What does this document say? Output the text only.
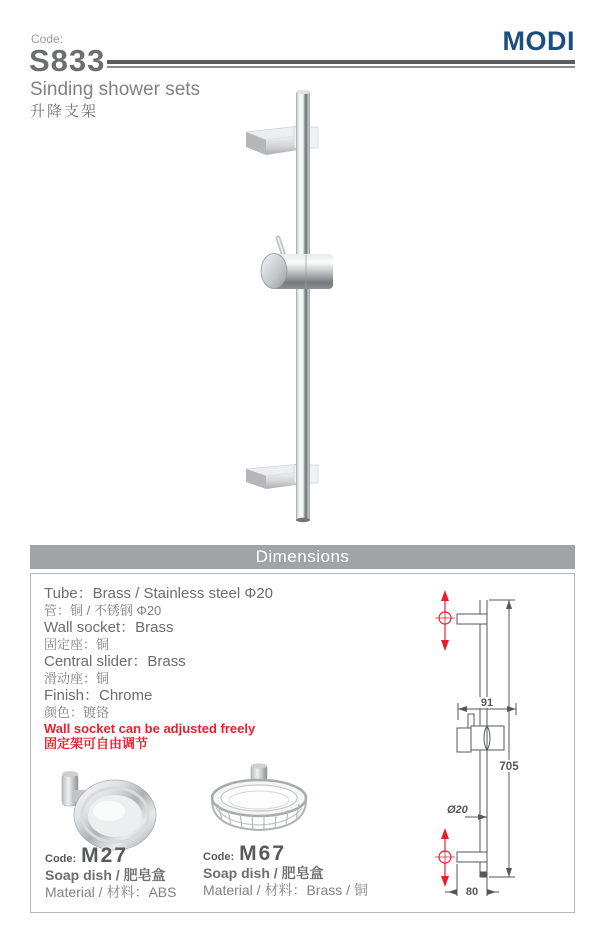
Code:
S833
MODI
Sinding shower sets
升降支架
Dimensions
Tube：Brass / Stainless steel Φ20
管：铜 / 不锈钢 Φ20
Wall socket：Brass
固定座：铜
Central slider：Brass
滑动座：铜
Finish：Chrome
颜色：镀铬
Wall socket can be adjusted freely
固定架可自由调节
Code: M27
Soap dish / 肥皂盒
Material / 材料：ABS
Code: M67
Soap dish / 肥皂盒
Material / 材料：Brass / 铜
91
705
Ø20
80
